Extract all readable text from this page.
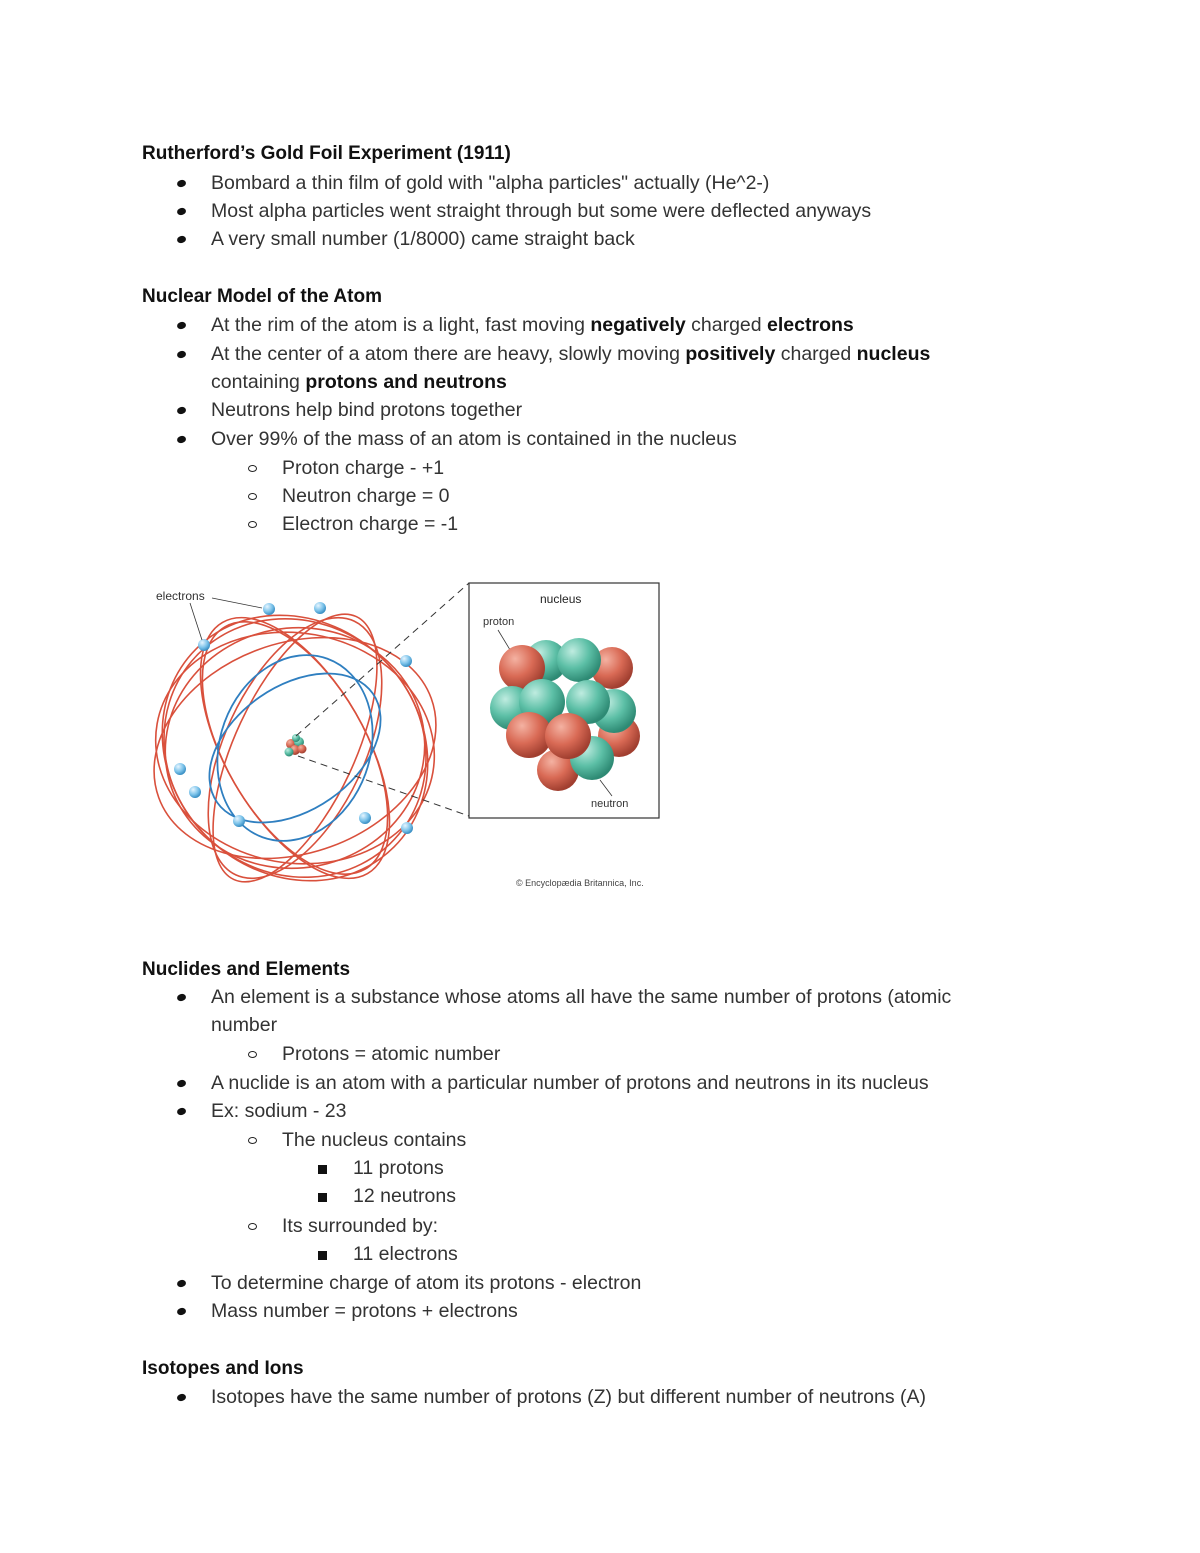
Rutherford’s Gold Foil Experiment (1911)
Bombard a thin film of gold with "alpha particles" actually (He^2-)
Most alpha particles went straight through but some were deflected anyways
A very small number (1/8000) came straight back
Nuclear Model of the Atom
At the rim of the atom is a light, fast moving negatively charged electrons
At the center of a atom there are heavy, slowly moving positively charged nucleus
containing protons and neutrons
Neutrons help bind protons together
Over 99% of the mass of an atom is contained in the nucleus
Proton charge - +1
Neutron charge = 0
Electron charge = -1
electrons	nucleus
proton
neutron
© Encyclopædia Britannica, Inc.
Nuclides and Elements
An element is a substance whose atoms all have the same number of protons (atomic
number
Protons = atomic number
A nuclide is an atom with a particular number of protons and neutrons in its nucleus
Ex: sodium - 23
The nucleus contains
11 protons
12 neutrons
Its surrounded by:
11 electrons
To determine charge of atom its protons - electron
Mass number = protons + electrons
Isotopes and Ions
Isotopes have the same number of protons (Z) but different number of neutrons (A)
